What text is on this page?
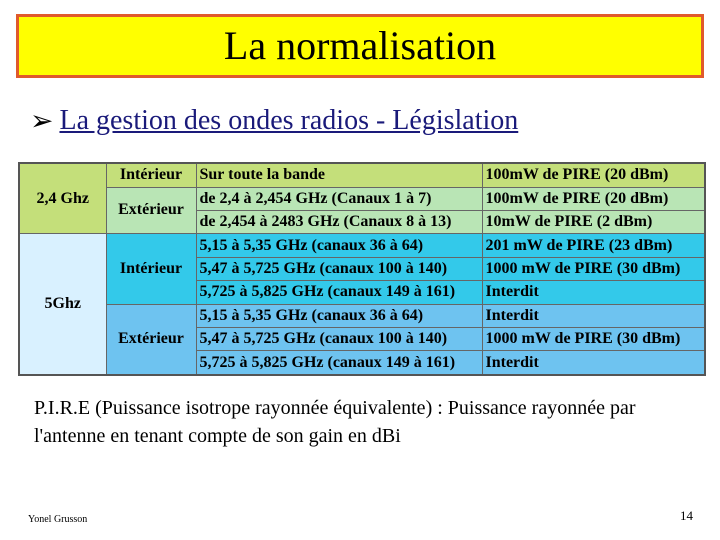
La normalisation
➢ La gestion des ondes radios - Législation
2,4 Ghz	Intérieur	Sur toute la bande	100mW de PIRE (20 dBm)
	Extérieur	de 2,4 à 2,454 GHz (Canaux 1 à 7)	100mW de PIRE (20 dBm)
		de 2,454 à 2483 GHz (Canaux 8 à 13)	10mW de PIRE (2 dBm)
5Ghz	Intérieur	5,15 à 5,35 GHz (canaux 36 à 64)	201 mW de PIRE (23 dBm)
		5,47 à 5,725 GHz (canaux 100 à 140)	1000 mW de PIRE (30 dBm)
		5,725 à 5,825 GHz (canaux 149 à 161)	Interdit
	Extérieur	5,15 à 5,35 GHz (canaux 36 à 64)	Interdit
		5,47 à 5,725 GHz (canaux 100 à 140)	1000 mW de PIRE (30 dBm)
		5,725 à 5,825 GHz (canaux 149 à 161)	Interdit
P.I.R.E (Puissance isotrope rayonnée équivalente) : Puissance rayonnée par l'antenne en tenant compte de son gain en dBi
Yonel Grusson	14
